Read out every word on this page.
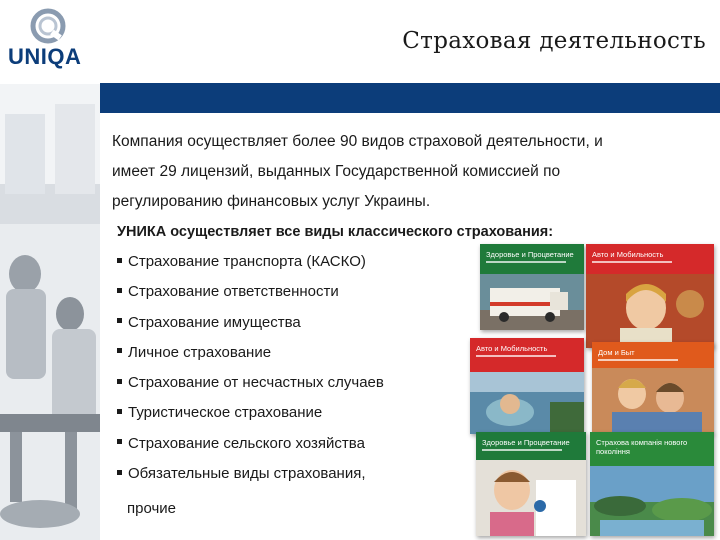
UNIQA
Страховая деятельность
Компания осуществляет более 90 видов страховой деятельности, и
имеет 29 лицензий, выданных Государственной комиссией по
регулированию финансовых услуг Украины.
УНИКА осуществляет все виды классического страхования:
Страхование транспорта (КАСКО)
Страхование ответственности
Страхование имущества
Личное страхование
Страхование от несчастных случаев
Туристическое страхование
Страхование сельского хозяйства
Обязательные виды страхования,
прочие
Здоровье и Процветание Авто и Мобильность
Авто и Мобильность	Дом и Быт
Здоровье и Процветание	Страхова компанія нового покоління
